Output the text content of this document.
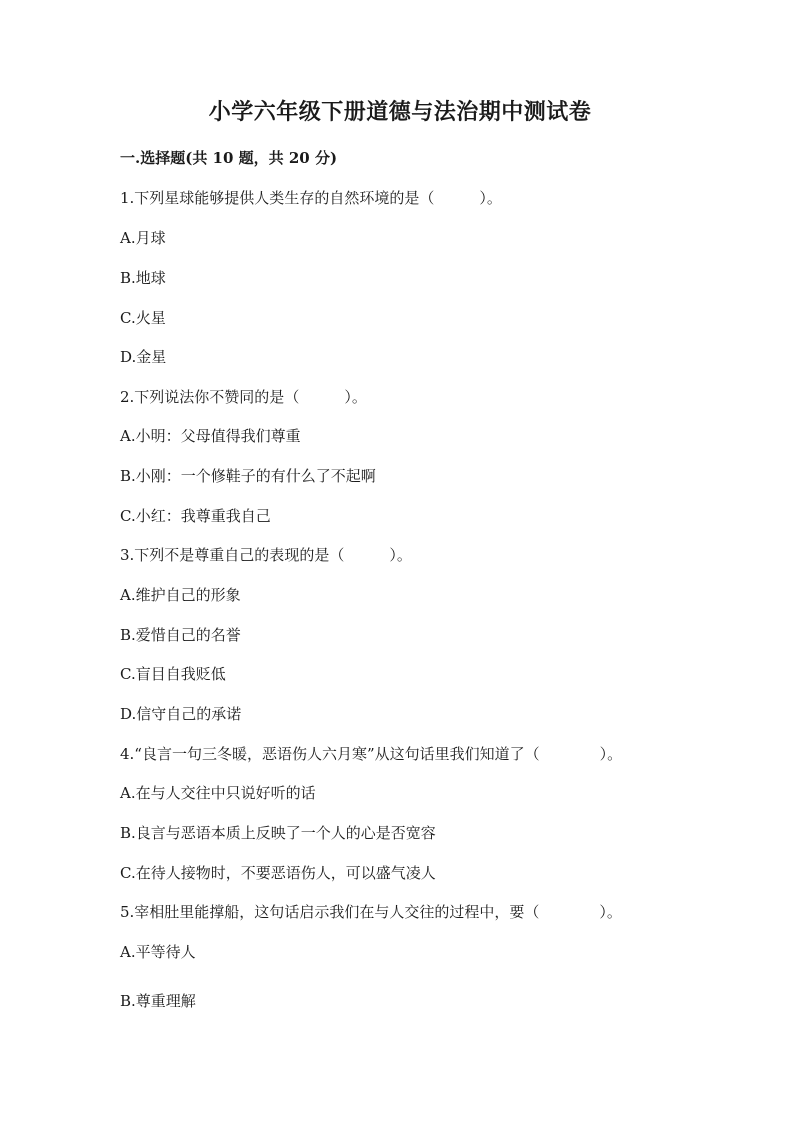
小学六年级下册道德与法治期中测试卷
一.选择题(共 10 题，共 20 分)
1.下列星球能够提供人类生存的自然环境的是（　　　）。
A.月球
B.地球
C.火星
D.金星
2.下列说法你不赞同的是（　　　）。
A.小明：父母值得我们尊重
B.小刚：一个修鞋子的有什么了不起啊
C.小红：我尊重我自己
3.下列不是尊重自己的表现的是（　　　）。
A.维护自己的形象
B.爱惜自己的名誉
C.盲目自我贬低
D.信守自己的承诺
4.“良言一句三冬暖，恶语伤人六月寒”从这句话里我们知道了（　　　　）。
A.在与人交往中只说好听的话
B.良言与恶语本质上反映了一个人的心是否宽容
C.在待人接物时，不要恶语伤人，可以盛气凌人
5.宰相肚里能撑船，这句话启示我们在与人交往的过程中，要（　　　　）。
A.平等待人
B.尊重理解
